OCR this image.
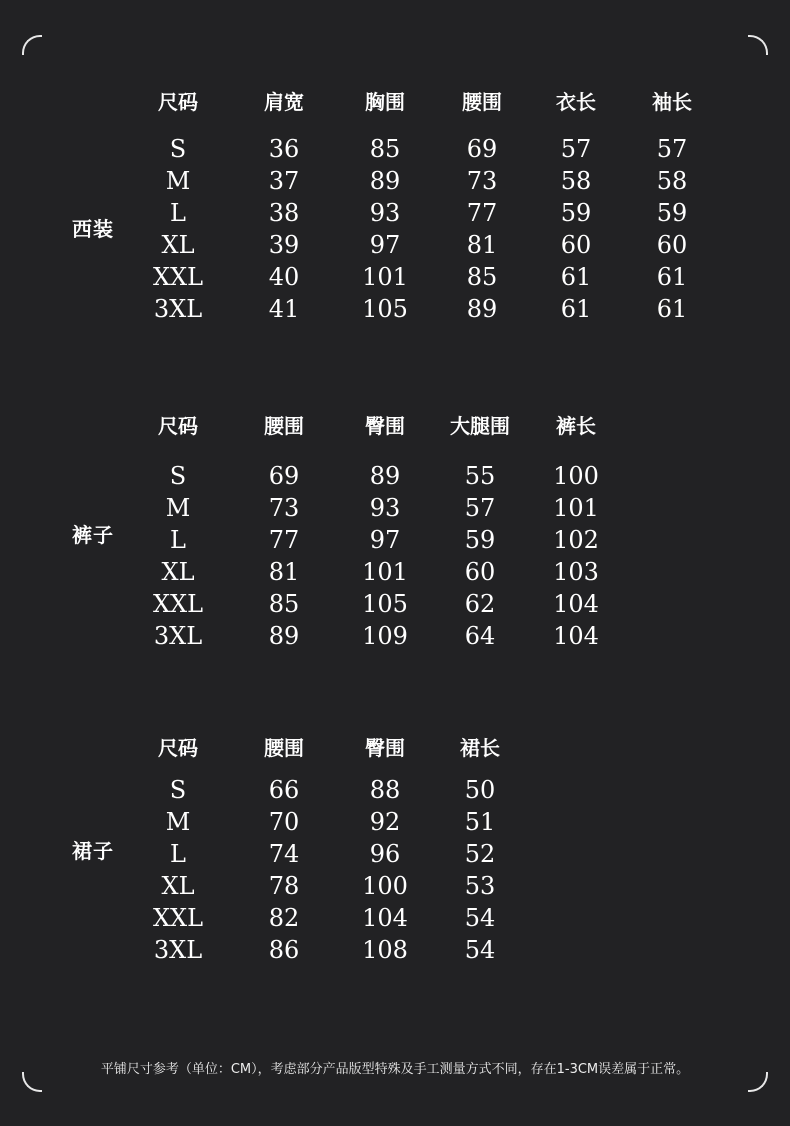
西装
尺码	肩宽	胸围	腰围	衣长	袖长
S	36	85	69	57	57
M	37	89	73	58	58
L	38	93	77	59	59
XL	39	97	81	60	60
XXL	40	101	85	61	61
3XL	41	105	89	61	61
裤子
尺码	腰围	臀围	大腿围	裤长
S	69	89	55	100
M	73	93	57	101
L	77	97	59	102
XL	81	101	60	103
XXL	85	105	62	104
3XL	89	109	64	104
裙子
尺码	腰围	臀围	裙长
S	66	88	50
M	70	92	51
L	74	96	52
XL	78	100	53
XXL	82	104	54
3XL	86	108	54
平铺尺寸参考（单位：CM），考虑部分产品版型特殊及手工测量方式不同，存在1-3CM误差属于正常。
